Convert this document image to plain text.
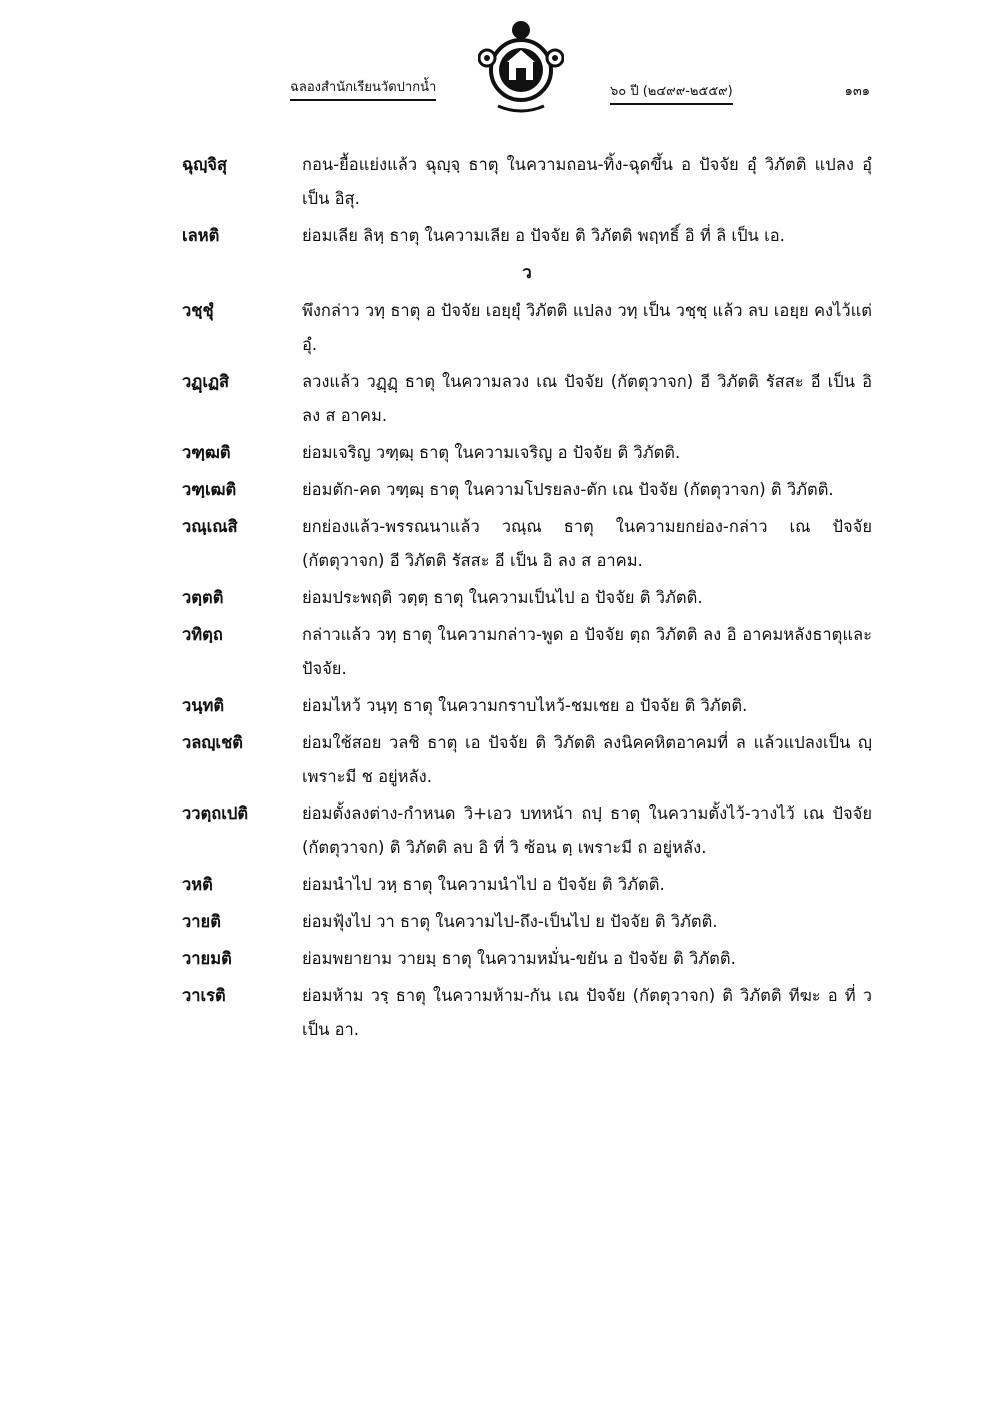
ฉลองสำนักเรียนวัดปากน้ำ	๖๐ ปี (๒๔๙๙-๒๕๕๙)	๑๓๑
ฉุญฺจิสุ	กอน-ยื้อแย่งแล้ว ฉุญฺจฺ ธาตุ ในความถอน-ทิ้ง-ฉุดขึ้น อ ปัจจัย อุํ วิภัตติ แปลง อุํ เป็น อิสุ.
เลหติ	ย่อมเลีย ลิหฺ ธาตุ ในความเลีย อ ปัจจัย ติ วิภัตติ พฤทธิ์ อิ ที่ ลิ เป็น เอ.
ว
วชฺชุํ	พึงกล่าว วทฺ ธาตุ อ ปัจจัย เอยฺยุํ วิภัตติ แปลง วทฺ เป็น วชฺชฺ แล้ว ลบ เอยฺย คงไว้แต่ อุํ.
วฏฺเฏสิ	ลวงแล้ว วฏฺฏฺ ธาตุ ในความลวง เณ ปัจจัย (กัตตุวาจก) อี วิภัตติ รัสสะ อี เป็น อิ ลง ส อาคม.
วฑฺฒติ	ย่อมเจริญ วฑฺฒฺ ธาตุ ในความเจริญ อ ปัจจัย ติ วิภัตติ.
วฑฺเฒติ	ย่อมตัก-คด วฑฺฒฺ ธาตุ ในความโปรยลง-ตัก เณ ปัจจัย (กัตตุวาจก) ติ วิภัตติ.
วณฺเณสิ	ยกย่องแล้ว-พรรณนาแล้ว วณฺณ ธาตุ ในความยกย่อง-กล่าว เณ ปัจจัย (กัตตุวาจก) อี วิภัตติ รัสสะ อี เป็น อิ ลง ส อาคม.
วตฺตติ	ย่อมประพฤติ วตฺตฺ ธาตุ ในความเป็นไป อ ปัจจัย ติ วิภัตติ.
วทิตฺถ	กล่าวแล้ว วทฺ ธาตุ ในความกล่าว-พูด อ ปัจจัย ตฺถ วิภัตติ ลง อิ อาคมหลังธาตุและปัจจัย.
วนฺทติ	ย่อมไหว้ วนฺทฺ ธาตุ ในความกราบไหว้-ชมเชย อ ปัจจัย ติ วิภัตติ.
วลญฺเชติ	ย่อมใช้สอย วลชิ ธาตุ เอ ปัจจัย ติ วิภัตติ ลงนิคคหิตอาคมที่ ล แล้วแปลงเป็น ญฺ เพราะมี ช อยู่หลัง.
ววตฺถเปติ	ย่อมตั้งลงต่าง-กำหนด วิ+เอว บทหน้า ถปฺ ธาตุ ในความตั้งไว้-วางไว้ เณ ปัจจัย (กัตตุวาจก) ติ วิภัตติ ลบ อิ ที่ วิ ซ้อน ตฺ เพราะมี ถ อยู่หลัง.
วหติ	ย่อมนำไป วหฺ ธาตุ ในความนำไป อ ปัจจัย ติ วิภัตติ.
วายติ	ย่อมฟุ้งไป วา ธาตุ ในความไป-ถึง-เป็นไป ย ปัจจัย ติ วิภัตติ.
วายมติ	ย่อมพยายาม วายมฺ ธาตุ ในความหมั่น-ขยัน อ ปัจจัย ติ วิภัตติ.
วาเรติ	ย่อมห้าม วรฺ ธาตุ ในความห้าม-กัน เณ ปัจจัย (กัตตุวาจก) ติ วิภัตติ ทีฆะ อ ที่ ว เป็น อา.
